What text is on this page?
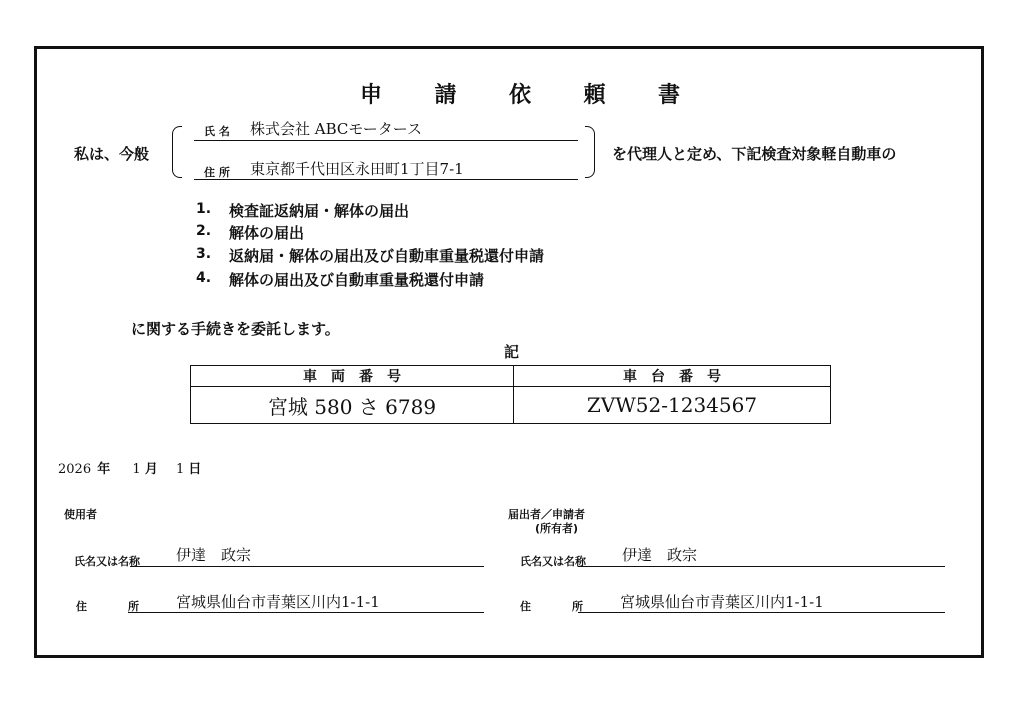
申 請 依 頼 書
私は、今般
氏 名 株式会社 ABCモータース
住 所 東京都千代田区永田町1丁目7-1
を代理人と定め、下記検査対象軽自動車の
1. 検査証返納届・解体の届出
2. 解体の届出
3. 返納届・解体の届出及び自動車重量税還付申請
4. 解体の届出及び自動車重量税還付申請
に関する手続きを委託します。
記
車　両　番　号	車　台　番　号
宮城 580 さ 6789	ZVW52-1234567
2026 年 1 月 1 日
使用者
氏名又は名称 伊達　政宗
住	所 宮城県仙台市青葉区川内1-1-1
届出者／申請者
(所有者)
氏名又は名称 伊達　政宗
住	所 宮城県仙台市青葉区川内1-1-1
